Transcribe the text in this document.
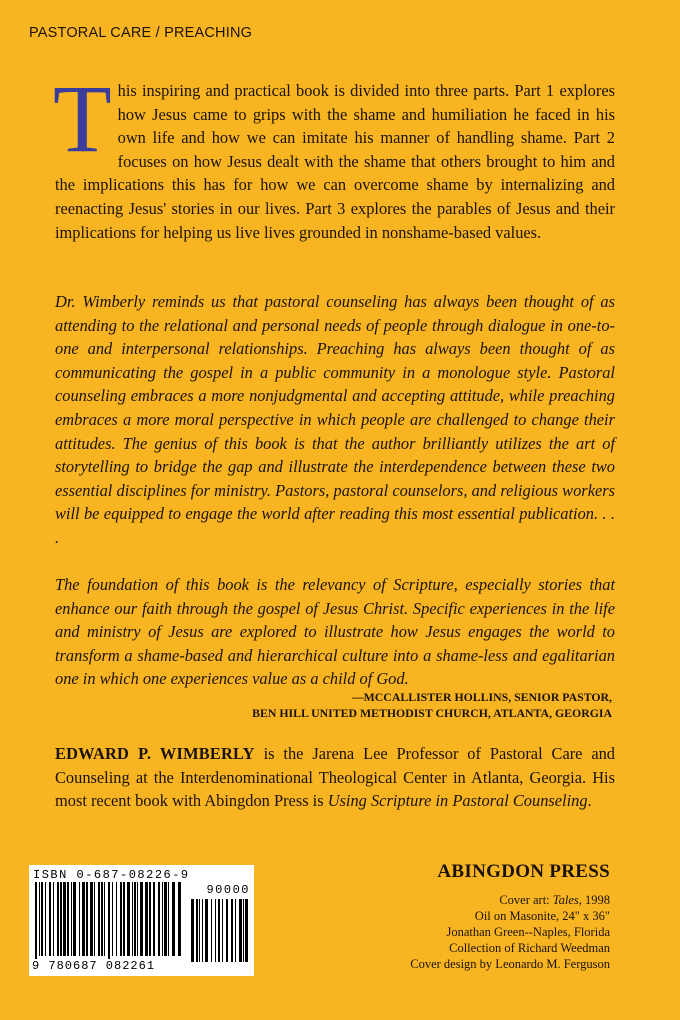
PASTORAL CARE / PREACHING

This inspiring and practical book is divided into three parts. Part 1 explores how Jesus came to grips with the shame and humiliation he faced in his own life and how we can imitate his manner of handling shame. Part 2 focuses on how Jesus dealt with the shame that others brought to him and the implications this has for how we can overcome shame by internalizing and reenacting Jesus' stories in our lives. Part 3 explores the parables of Jesus and their implications for helping us live lives grounded in nonshame-based values.

Dr. Wimberly reminds us that pastoral counseling has always been thought of as attending to the relational and personal needs of people through dialogue in one-to-one and interpersonal relationships. Preaching has always been thought of as communicating the gospel in a public community in a monologue style. Pastoral counseling embraces a more nonjudgmental and accepting attitude, while preaching embraces a more moral perspective in which people are challenged to change their attitudes. The genius of this book is that the author brilliantly utilizes the art of storytelling to bridge the gap and illustrate the interdependence between these two essential disciplines for ministry. Pastors, pastoral counselors, and religious workers will be equipped to engage the world after reading this most essential publication. . . .

The foundation of this book is the relevancy of Scripture, especially stories that enhance our faith through the gospel of Jesus Christ. Specific experiences in the life and ministry of Jesus are explored to illustrate how Jesus engages the world to transform a shame-based and hierarchical culture into a shame-less and egalitarian one in which one experiences value as a child of God.

—MCCALLISTER HOLLINS, SENIOR PASTOR,
BEN HILL UNITED METHODIST CHURCH, ATLANTA, GEORGIA

EDWARD P. WIMBERLY is the Jarena Lee Professor of Pastoral Care and Counseling at the Interdenominational Theological Center in Atlanta, Georgia. His most recent book with Abingdon Press is Using Scripture in Pastoral Counseling.

ISBN 0-687-08226-9
90000
9 780687 082261
ABINGDON PRESS
Cover art: Tales, 1998
Oil on Masonite, 24" x 36"
Jonathan Green--Naples, Florida
Collection of Richard Weedman
Cover design by Leonardo M. Ferguson
